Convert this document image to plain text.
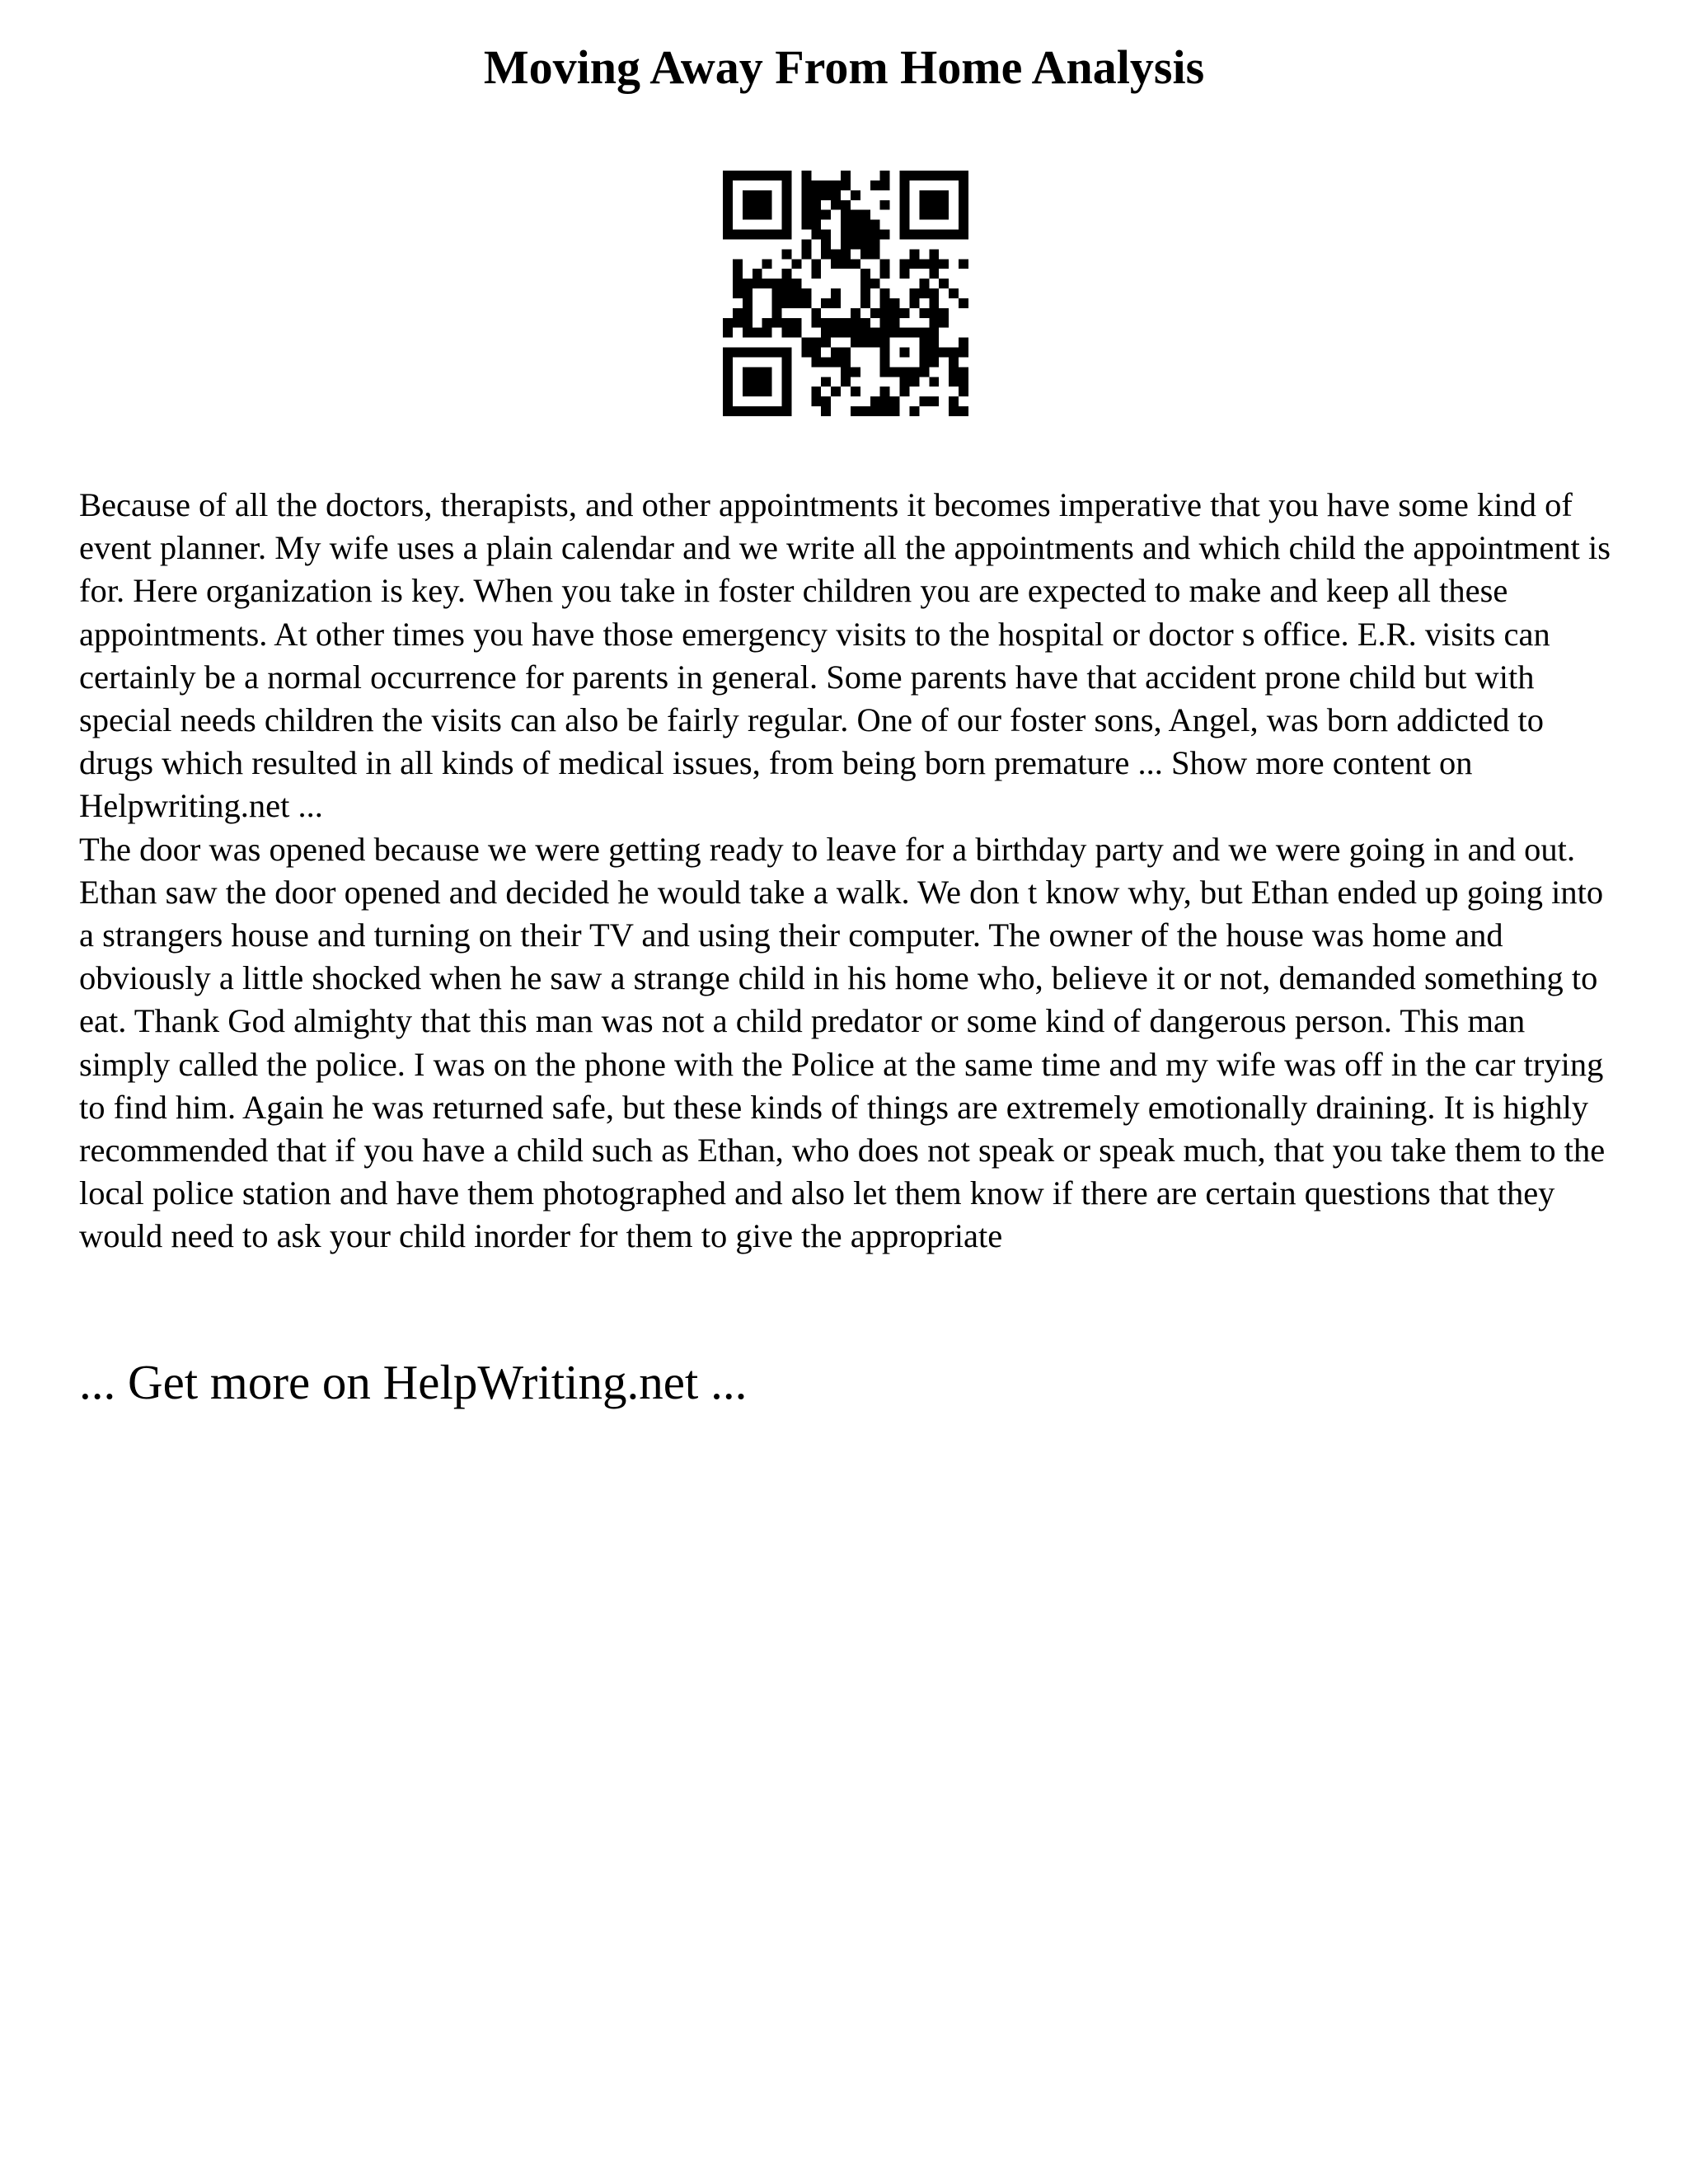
Moving Away From Home Analysis

Because of all the doctors, therapists, and other appointments it becomes imperative that you have some kind of event planner. My wife uses a plain calendar and we write all the appointments and which child the appointment is for. Here organization is key. When you take in foster children you are expected to make and keep all these appointments. At other times you have those emergency visits to the hospital or doctor s office. E.R. visits can certainly be a normal occurrence for parents in general. Some parents have that accident prone child but with special needs children the visits can also be fairly regular. One of our foster sons, Angel, was born addicted to drugs which resulted in all kinds of medical issues, from being born premature ... Show more content on Helpwriting.net ...

The door was opened because we were getting ready to leave for a birthday party and we were going in and out. Ethan saw the door opened and decided he would take a walk. We don t know why, but Ethan ended up going into a strangers house and turning on their TV and using their computer. The owner of the house was home and obviously a little shocked when he saw a strange child in his home who, believe it or not, demanded something to eat. Thank God almighty that this man was not a child predator or some kind of dangerous person. This man simply called the police. I was on the phone with the Police at the same time and my wife was off in the car trying to find him. Again he was returned safe, but these kinds of things are extremely emotionally draining. It is highly recommended that if you have a child such as Ethan, who does not speak or speak much, that you take them to the local police station and have them photographed and also let them know if there are certain questions that they would need to ask your child inorder for them to give the appropriate

... Get more on HelpWriting.net ...
